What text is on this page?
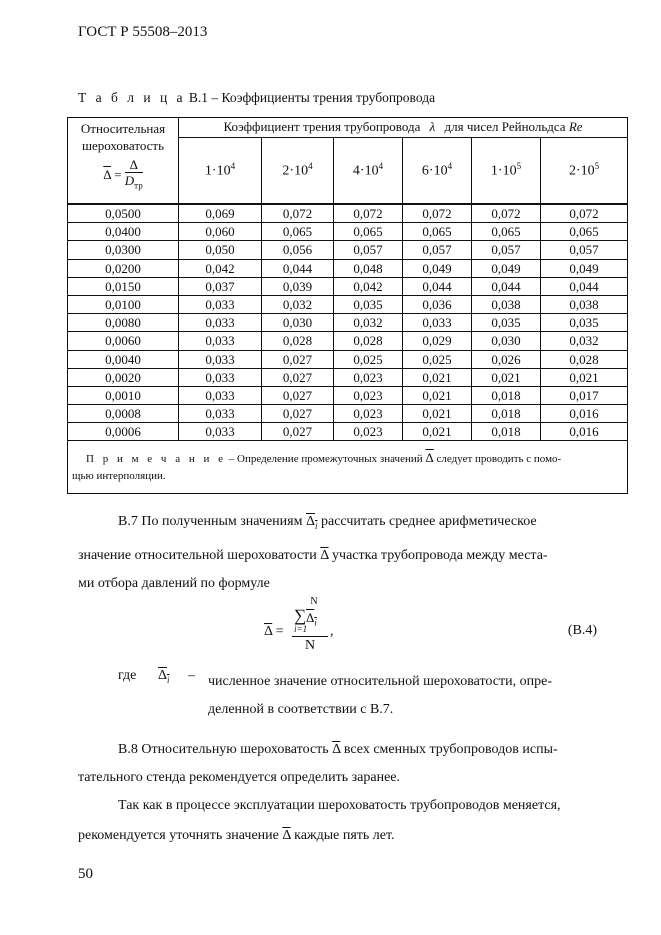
ГОСТ Р 55508–2013
Т а б л и ц а В.1 – Коэффициенты трения трубопровода
Относительная
шероховатость
$\overline{\Delta} = \frac{\Delta}{D_{тр}}$	Коэффициент трения трубопровода λ для чисел Рейнольдса Re					
	$1\cdot 10^4$	$2\cdot 10^4$	$4\cdot 10^4$	$6\cdot 10^4$	$1\cdot 10^5$	$2\cdot 10^5$
0,0500	0,069	0,072	0,072	0,072	0,072	0,072
0,0400	0,060	0,065	0,065	0,065	0,065	0,065
0,0300	0,050	0,056	0,057	0,057	0,057	0,057
0,0200	0,042	0,044	0,048	0,049	0,049	0,049
0,0150	0,037	0,039	0,042	0,044	0,044	0,044
0,0100	0,033	0,032	0,035	0,036	0,038	0,038
0,0080	0,033	0,030	0,032	0,033	0,035	0,035
0,0060	0,033	0,028	0,028	0,029	0,030	0,032
0,0040	0,033	0,027	0,025	0,025	0,026	0,028
0,0020	0,033	0,027	0,023	0,021	0,021	0,021
0,0010	0,033	0,027	0,023	0,021	0,018	0,017
0,0008	0,033	0,027	0,023	0,021	0,018	0,016
0,0006	0,033	0,027	0,023	0,021	0,018	0,016
П р и м е ч а н и е – Определение промежуточных значений $\overline{\Delta}$ следует проводить с помо-
щью интерполяции.						
В.7 По полученным значениям $\Delta_i$ рассчитать среднее арифметическое
значение относительной шероховатости $\overline{\Delta}$ участка трубопровода между места-
ми отбора давлений по формуле
$\overline{\Delta}$ =
N
∑ $\Delta_i$
i=1
N
,	(В.4)
где $\Delta_i$ – численное значение относительной шероховатости, опре-
деленной в соответствии с В.7.
В.8 Относительную шероховатость $\overline{\Delta}$ всех сменных трубопроводов испы-
тательного стенда рекомендуется определить заранее.
Так как в процессе эксплуатации шероховатость трубопроводов меняется,
рекомендуется уточнять значение $\overline{\Delta}$ каждые пять лет.
50
